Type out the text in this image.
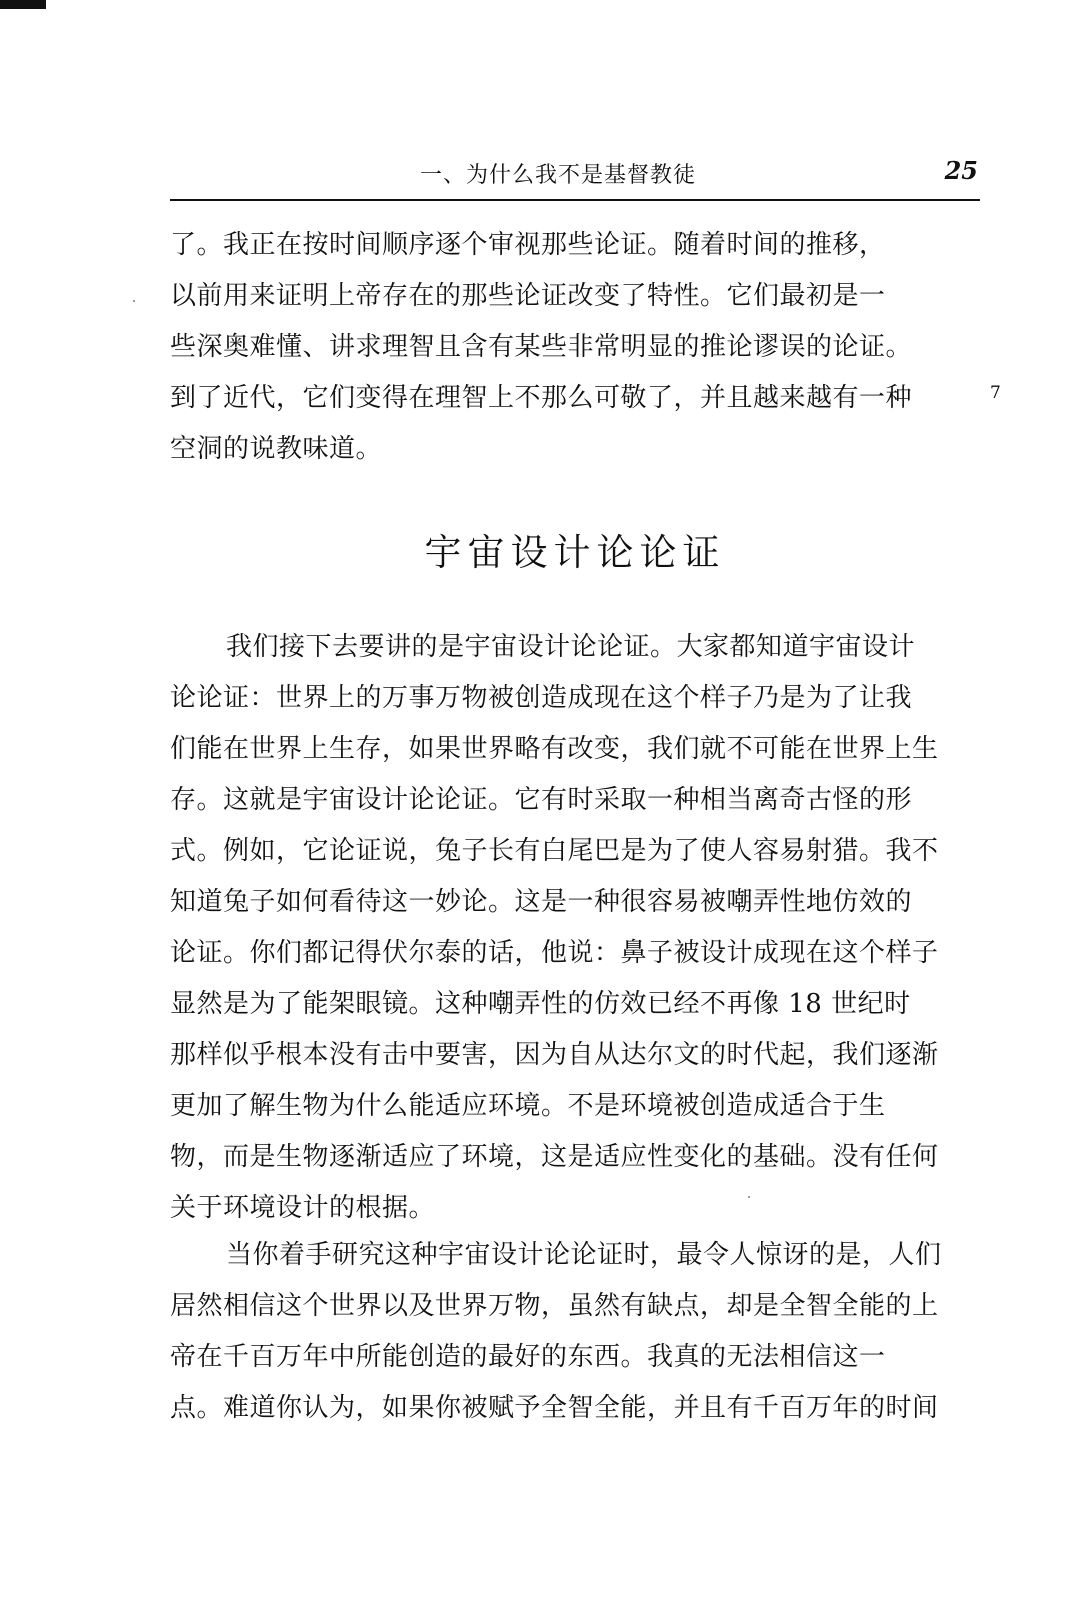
一、为什么我不是基督教徒	25
7
了。我正在按时间顺序逐个审视那些论证。随着时间的推移，
以前用来证明上帝存在的那些论证改变了特性。它们最初是一
些深奥难懂、讲求理智且含有某些非常明显的推论谬误的论证。
到了近代，它们变得在理智上不那么可敬了，并且越来越有一种
空洞的说教味道。
宇宙设计论论证
我们接下去要讲的是宇宙设计论论证。大家都知道宇宙设计
论论证：世界上的万事万物被创造成现在这个样子乃是为了让我
们能在世界上生存，如果世界略有改变，我们就不可能在世界上生
存。这就是宇宙设计论论证。它有时采取一种相当离奇古怪的形
式。例如，它论证说，兔子长有白尾巴是为了使人容易射猎。我不
知道兔子如何看待这一妙论。这是一种很容易被嘲弄性地仿效的
论证。你们都记得伏尔泰的话，他说：鼻子被设计成现在这个样子
显然是为了能架眼镜。这种嘲弄性的仿效已经不再像 18 世纪时
那样似乎根本没有击中要害，因为自从达尔文的时代起，我们逐渐
更加了解生物为什么能适应环境。不是环境被创造成适合于生
物，而是生物逐渐适应了环境，这是适应性变化的基础。没有任何
关于环境设计的根据。
当你着手研究这种宇宙设计论论证时，最令人惊讶的是，人们
居然相信这个世界以及世界万物，虽然有缺点，却是全智全能的上
帝在千百万年中所能创造的最好的东西。我真的无法相信这一
点。难道你认为，如果你被赋予全智全能，并且有千百万年的时间
